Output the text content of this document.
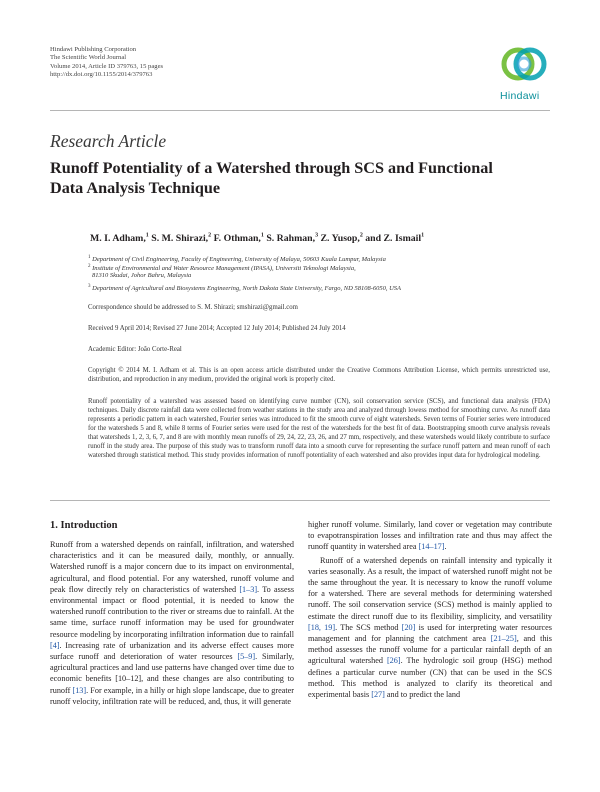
Hindawi Publishing Corporation
The Scientific World Journal
Volume 2014, Article ID 379763, 15 pages
http://dx.doi.org/10.1155/2014/379763
Hindawi
Research Article
Runoff Potentiality of a Watershed through SCS and Functional Data Analysis Technique
M. I. Adham,$^1$ S. M. Shirazi,$^2$ F. Othman,$^1$ S. Rahman,$^3$ Z. Yusop,$^2$ and Z. Ismail$^1$
$^1$ Department of Civil Engineering, Faculty of Engineering, University of Malaya, 50603 Kuala Lumpur, Malaysia
$^2$ Institute of Environmental and Water Resource Management (IPASA), Universiti Teknologi Malaysia,
81310 Skudai, Johor Bahru, Malaysia
$^3$ Department of Agricultural and Biosystems Engineering, North Dakota State University, Fargo, ND 58108-6050, USA
Correspondence should be addressed to S. M. Shirazi; smshirazi@gmail.com
Received 9 April 2014; Revised 27 June 2014; Accepted 12 July 2014; Published 24 July 2014
Academic Editor: João Corte-Real
Copyright © 2014 M. I. Adham et al. This is an open access article distributed under the Creative Commons Attribution License, which permits unrestricted use, distribution, and reproduction in any medium, provided the original work is properly cited.
Runoff potentiality of a watershed was assessed based on identifying curve number (CN), soil conservation service (SCS), and functional data analysis (FDA) techniques. Daily discrete rainfall data were collected from weather stations in the study area and analyzed through lowess method for smoothing curve. As runoff data represents a periodic pattern in each watershed, Fourier series was introduced to fit the smooth curve of eight watersheds. Seven terms of Fourier series were introduced for the watersheds 5 and 8, while 8 terms of Fourier series were used for the rest of the watersheds for the best fit of data. Bootstrapping smooth curve analysis reveals that watersheds 1, 2, 3, 6, 7, and 8 are with monthly mean runoffs of 29, 24, 22, 23, 26, and 27 mm, respectively, and these watersheds would likely contribute to surface runoff in the study area. The purpose of this study was to transform runoff data into a smooth curve for representing the surface runoff pattern and mean runoff of each watershed through statistical method. This study provides information of runoff potentiality of each watershed and also provides input data for hydrological modeling.
1. Introduction

Runoff from a watershed depends on rainfall, infiltration, and watershed characteristics and it can be measured daily, monthly, or annually. Watershed runoff is a major concern due to its impact on environmental, agricultural, and flood potential. For any watershed, runoff volume and peak flow directly rely on characteristics of watershed [1–3]. To assess environmental impact or flood potential, it is needed to know the watershed runoff contribution to the river or streams due to rainfall. At the same time, surface runoff information may be used for groundwater resource modeling by incorporating infiltration information due to rainfall [4]. Increasing rate of urbanization and its adverse effect causes more surface runoff and deterioration of water resources [5–9]. Similarly, agricultural practices and land use patterns have changed over time due to economic benefits [10–12], and these changes are also contributing to runoff [13]. For example, in a hilly or high slope landscape, due to greater runoff velocity, infiltration rate will be reduced, and, thus, it will generate

higher runoff volume. Similarly, land cover or vegetation may contribute to evapotranspiration losses and infiltration rate and thus may affect the runoff quantity in watershed area [14–17].

Runoff of a watershed depends on rainfall intensity and typically it varies seasonally. As a result, the impact of watershed runoff might not be the same throughout the year. It is necessary to know the runoff volume for a watershed. There are several methods for determining watershed runoff. The soil conservation service (SCS) method is mainly applied to estimate the direct runoff due to its flexibility, simplicity, and versatility [18, 19]. The SCS method [20] is used for interpreting water resources management and for planning the catchment area [21–25], and this method assesses the runoff volume for a particular rainfall depth of an agricultural watershed [26]. The hydrologic soil group (HSG) method defines a particular curve number (CN) that can be used in the SCS method. This method is analyzed to clarify its theoretical and experimental basis [27] and to predict the land
